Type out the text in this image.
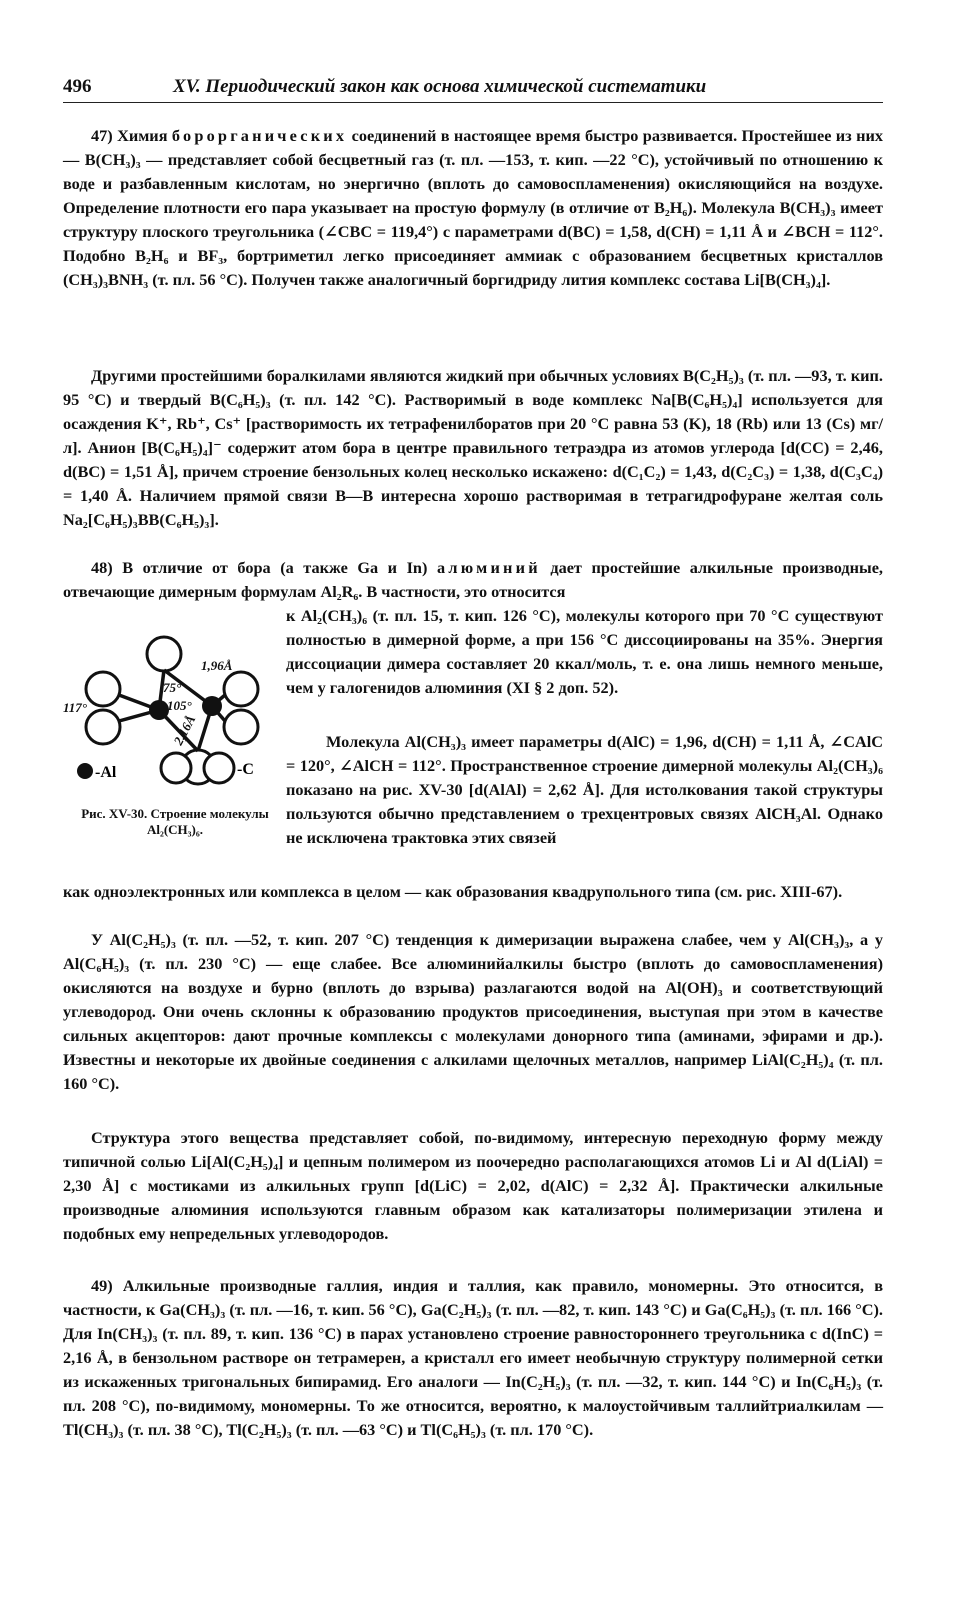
496	XV. Периодический закон как основа химической систематики

47) Химия борорганических соединений в настоящее время быстро развивается. Простейшее из них — B(CH₃)₃ — представляет собой бесцветный газ (т. пл. —153, т. кип. —22 °C), устойчивый по отношению к воде и разбавленным кислотам, но энергично (вплоть до самовоспламенения) окисляющийся на воздухе. Определение плотности его пара указывает на простую формулу (в отличие от B₂H₆). Молекула B(CH₃)₃ имеет структуру плоского треугольника (∠CBC = 119,4°) с параметрами d(BC) = 1,58, d(CH) = 1,11 Å и ∠BCH = 112°. Подобно B₂H₆ и BF₃, бортриметил легко присоединяет аммиак с образованием бесцветных кристаллов (CH₃)₃BNH₃ (т. пл. 56 °C). Получен также аналогичный боргидриду лития комплекс состава Li[B(CH₃)₄].

Другими простейшими боралкилами являются жидкий при обычных условиях B(C₂H₅)₃ (т. пл. —93, т. кип. 95 °C) и твердый B(C₆H₅)₃ (т. пл. 142 °C). Растворимый в воде комплекс Na[B(C₆H₅)₄] используется для осаждения K⁺, Rb⁺, Cs⁺ [растворимость их тетрафенилборатов при 20 °C равна 53 (K), 18 (Rb) или 13 (Cs) мг/л]. Анион [B(C₆H₅)₄]⁻ содержит атом бора в центре правильного тетраэдра из атомов углерода [d(CC) = 2,46, d(BC) = 1,51 Å], причем строение бензольных колец несколько искажено: d(C₁C₂) = 1,43, d(C₂C₃) = 1,38, d(C₃C₄) = 1,40 Å. Наличием прямой связи B—B интересна хорошо растворимая в тетрагидрофуране желтая соль Na₂[C₆H₅)₃BB(C₆H₅)₃].

48) В отличие от бора (а также Ga и In) алюминий дает простейшие алкильные производные, отвечающие димерным формулам Al₂R₆. В частности, это относится

к Al₂(CH₃)₆ (т. пл. 15, т. кип. 126 °C), молекулы которого при 70 °C существуют полностью в димерной форме, а при 156 °C диссоциированы на 35%. Энергия диссоциации димера составляет 20 ккал/моль, т. е. она лишь немного меньше, чем у галогенидов алюминия (XI § 2 доп. 52).

Молекула Al(CH₃)₃ имеет параметры d(AlC) = 1,96, d(CH) = 1,11 Å, ∠CAlC = 120°, ∠AlCH = 112°. Пространственное строение димерной молекулы Al₂(CH₃)₆ показано на рис. XV-30 [d(AlAl) = 2,62 Å]. Для истолкования такой структуры пользуются обычно представлением о трехцентровых связях AlCH₃Al. Однако не исключена трактовка этих связей

1,96Å
75°
105°
117°
2,16Å
-Al	-C
Рис. XV-30. Строение молекулы Al₂(CH₃)₆.

как одноэлектронных или комплекса в целом — как образования квадрупольного типа (см. рис. XIII-67).

У Al(C₂H₅)₃ (т. пл. —52, т. кип. 207 °C) тенденция к димеризации выражена слабее, чем у Al(CH₃)₃, а у Al(C₆H₅)₃ (т. пл. 230 °C) — еще слабее. Все алюминийалкилы быстро (вплоть до самовоспламенения) окисляются на воздухе и бурно (вплоть до взрыва) разлагаются водой на Al(OH)₃ и соответствующий углеводород. Они очень склонны к образованию продуктов присоединения, выступая при этом в качестве сильных акцепторов: дают прочные комплексы с молекулами донорного типа (аминами, эфирами и др.). Известны и некоторые их двойные соединения с алкилами щелочных металлов, например LiAl(C₂H₅)₄ (т. пл. 160 °C).

Структура этого вещества представляет собой, по-видимому, интересную переходную форму между типичной солью Li[Al(C₂H₅)₄] и цепным полимером из поочередно располагающихся атомов Li и Al d(LiAl) = 2,30 Å] с мостиками из алкильных групп [d(LiC) = 2,02, d(AlC) = 2,32 Å]. Практически алкильные производные алюминия используются главным образом как катализаторы полимеризации этилена и подобных ему непредельных углеводородов.

49) Алкильные производные галлия, индия и таллия, как правило, мономерны. Это относится, в частности, к Ga(CH₃)₃ (т. пл. —16, т. кип. 56 °C), Ga(C₂H₅)₃ (т. пл. —82, т. кип. 143 °C) и Ga(C₆H₅)₃ (т. пл. 166 °C). Для In(CH₃)₃ (т. пл. 89, т. кип. 136 °C) в парах установлено строение равностороннего треугольника с d(InC) = 2,16 Å, в бензольном растворе он тетрамерен, а кристалл его имеет необычную структуру полимерной сетки из искаженных тригональных бипирамид. Его аналоги — In(C₂H₅)₃ (т. пл. —32, т. кип. 144 °C) и In(C₆H₅)₃ (т. пл. 208 °C), по-видимому, мономерны. То же относится, вероятно, к малоустойчивым таллийтриалкилам — Tl(CH₃)₃ (т. пл. 38 °C), Tl(C₂H₅)₃ (т. пл. —63 °C) и Tl(C₆H₅)₃ (т. пл. 170 °C).
